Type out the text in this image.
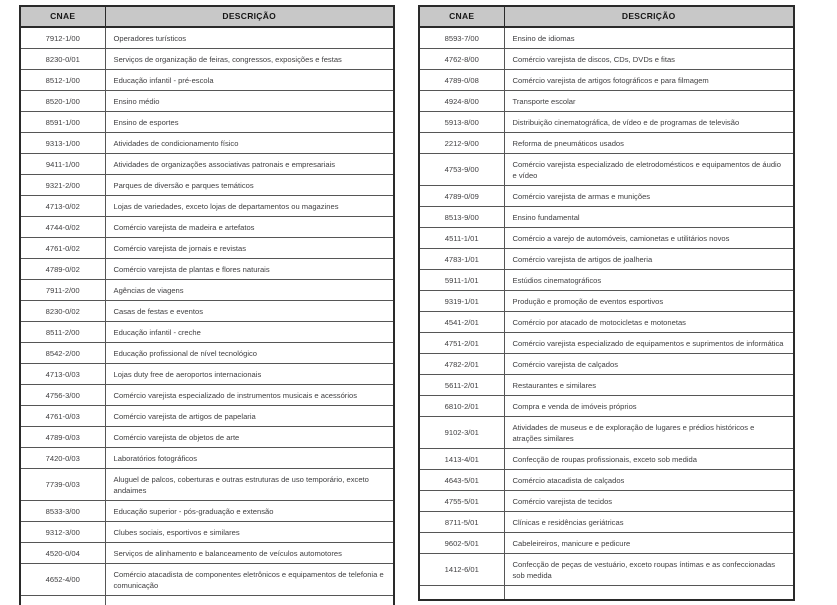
CNAE	DESCRIÇÃO
7912-1/00	Operadores turísticos
8230-0/01	Serviços de organização de feiras, congressos, exposições e festas
8512-1/00	Educação infantil - pré-escola
8520-1/00	Ensino médio
8591-1/00	Ensino de esportes
9313-1/00	Atividades de condicionamento físico
9411-1/00	Atividades de organizações associativas patronais e empresariais
9321-2/00	Parques de diversão e parques temáticos
4713-0/02	Lojas de variedades, exceto lojas de departamentos ou magazines
4744-0/02	Comércio varejista de madeira e artefatos
4761-0/02	Comércio varejista de jornais e revistas
4789-0/02	Comércio varejista de plantas e flores naturais
7911-2/00	Agências de viagens
8230-0/02	Casas de festas e eventos
8511-2/00	Educação infantil - creche
8542-2/00	Educação profissional de nível tecnológico
4713-0/03	Lojas duty free de aeroportos internacionais
4756-3/00	Comércio varejista especializado de instrumentos musicais e acessórios
4761-0/03	Comércio varejista de artigos de papelaria
4789-0/03	Comércio varejista de objetos de arte
7420-0/03	Laboratórios fotográficos
7739-0/03	Aluguel de palcos, coberturas e outras estruturas de uso temporário, exceto andaimes
8533-3/00	Educação superior - pós-graduação e extensão
9312-3/00	Clubes sociais, esportivos e similares
4520-0/04	Serviços de alinhamento e balanceamento de veículos automotores
4652-4/00	Comércio atacadista de componentes eletrônicos e equipamentos de telefonia e comunicação

CNAE	DESCRIÇÃO
8593-7/00	Ensino de idiomas
4762-8/00	Comércio varejista de discos, CDs, DVDs e fitas
4789-0/08	Comércio varejista de artigos fotográficos e para filmagem
4924-8/00	Transporte escolar
5913-8/00	Distribuição cinematográfica, de vídeo e de programas de televisão
2212-9/00	Reforma de pneumáticos usados
4753-9/00	Comércio varejista especializado de eletrodomésticos e equipamentos de áudio e vídeo
4789-0/09	Comércio varejista de armas e munições
8513-9/00	Ensino fundamental
4511-1/01	Comércio a varejo de automóveis, camionetas e utilitários novos
4783-1/01	Comércio varejista de artigos de joalheria
5911-1/01	Estúdios cinematográficos
9319-1/01	Produção e promoção de eventos esportivos
4541-2/01	Comércio por atacado de motocicletas e motonetas
4751-2/01	Comércio varejista especializado de equipamentos e suprimentos de informática
4782-2/01	Comércio varejista de calçados
5611-2/01	Restaurantes e similares
6810-2/01	Compra e venda de imóveis próprios
9102-3/01	Atividades de museus e de exploração de lugares e prédios históricos e atrações similares
1413-4/01	Confecção de roupas profissionais, exceto sob medida
4643-5/01	Comércio atacadista de calçados
4755-5/01	Comércio varejista de tecidos
8711-5/01	Clínicas e residências geriátricas
9602-5/01	Cabeleireiros, manicure e pedicure
1412-6/01	Confecção de peças de vestuário, exceto roupas íntimas e as confeccionadas sob medida
